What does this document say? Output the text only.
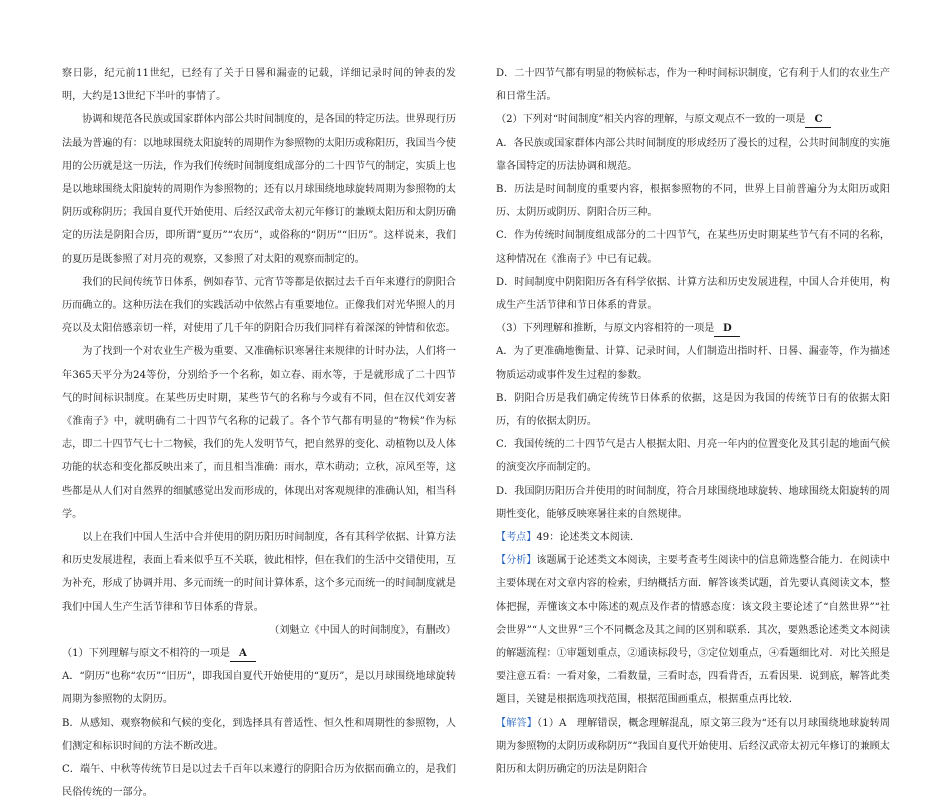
察日影，纪元前11世纪，已经有了关于日晷和漏壶的记载，详细记录时间的钟表的发明，大约是13世纪下半叶的事情了。

协调和规范各民族或国家群体内部公共时间制度的，是各国的特定历法。世界现行历法最为普遍的有：以地球围绕太阳旋转的周期作为参照物的太阳历或称阳历，我国当今使用的公历就是这一历法，作为我们传统时间制度组成部分的二十四节气的制定，实质上也是以地球围绕太阳旋转的周期作为参照物的；还有以月球围绕地球旋转周期为参照物的太阴历或称阴历；我国自夏代开始使用、后经汉武帝太初元年修订的兼顾太阳历和太阴历确定的历法是阴阳合历，即所谓“夏历”“农历”，或俗称的“阴历”“旧历”。这样说来，我们的夏历是既参照了对月亮的观察，又参照了对太阳的观察而制定的。

我们的民间传统节日体系，例如春节、元宵节等都是依据过去千百年来遵行的阴阳合历而确立的。这种历法在我们的实践活动中依然占有重要地位。正像我们对光华照人的月亮以及太阳倍感亲切一样，对使用了几千年的阴阳合历我们同样有着深深的钟情和依恋。

为了找到一个对农业生产极为重要、又准确标识寒暑往来规律的计时办法，人们将一年365天平分为24等份，分别给予一个名称，如立春、雨水等，于是就形成了二十四节气的时间标识制度。在某些历史时期，某些节气的名称与今或有不同，但在汉代刘安著《淮南子》中，就明确有二十四节气名称的记载了。各个节气都有明显的“物候”作为标志，即二十四节气七十二物候，我们的先人发明节气，把自然界的变化、动植物以及人体功能的状态和变化都反映出来了，而且相当准确：雨水，草木萌动；立秋，凉风至等，这些都是从人们对自然界的细腻感觉出发而形成的，体现出对客观规律的准确认知，相当科学。

以上在我们中国人生活中合并使用的阴历阳历时间制度，各有其科学依据、计算方法和历史发展进程，表面上看来似乎互不关联，彼此相悖，但在我们的生活中交错使用，互为补充，形成了协调并用、多元而统一的时间计算体系，这个多元而统一的时间制度就是我们中国人生产生活节律和节日体系的背景。

（刘魁立《中国人的时间制度》，有删改）

（1）下列理解与原文不相符的一项是 A

A．“阴历”也称“农历”“旧历”，即我国自夏代开始使用的“夏历”，是以月球围绕地球旋转周期为参照物的太阴历。

B．从感知、观察物候和气候的变化，到选择具有普适性、恒久性和周期性的参照物，人们测定和标识时间的方法不断改进。

C．端午、中秋等传统节日是以过去千百年以来遵行的阴阳合历为依据而确立的，是我们民俗传统的一部分。

D．二十四节气都有明显的物候标志，作为一种时间标识制度，它有利于人们的农业生产和日常生活。

（2）下列对“时间制度”相关内容的理解，与原文观点不一致的一项是 C

A．各民族或国家群体内部公共时间制度的形成经历了漫长的过程，公共时间制度的实施靠各国特定的历法协调和规范。

B．历法是时间制度的重要内容，根据参照物的不同，世界上目前普遍分为太阳历或阳历、太阴历或阴历、阴阳合历三种。

C．作为传统时间制度组成部分的二十四节气，在某些历史时期某些节气有不同的名称，这种情况在《淮南子》中已有记载。

D．时间制度中阴阳阳历各有科学依据、计算方法和历史发展进程，中国人合并使用，构成生产生活节律和节日体系的背景。

（3）下列理解和推断，与原文内容相符的一项是 D

A．为了更准确地衡量、计算、记录时间，人们制造出指时杆、日晷、漏壶等，作为描述物质运动或事件发生过程的参数。

B．阴阳合历是我们确定传统节日体系的依据，这是因为我国的传统节日有的依据太阳历，有的依据太阴历。

C．我国传统的二十四节气是古人根据太阳、月亮一年内的位置变化及其引起的地面气候的演变次序而制定的。

D．我国阴历阳历合并使用的时间制度，符合月球围绕地球旋转、地球围绕太阳旋转的周期性变化，能够反映寒暑往来的自然规律。

【考点】49：论述类文本阅读．

【分析】该题属于论述类文本阅读，主要考查考生阅读中的信息筛选整合能力．在阅读中主要体现在对文章内容的检索，归纳概括方面．解答该类试题，首先要认真阅读文本，整体把握，弄懂该文本中陈述的观点及作者的情感态度：该文段主要论述了“自然世界”“社会世界”“人文世界”三个不同概念及其之间的区别和联系．其次，要熟悉论述类文本阅读的解题流程：①审题划重点，②通读标段号，③定位划重点，④看题细比对．对比关照是要注意五看：一看对象，二看数量，三看时态，四看背否，五看因果．说到底，解答此类题目，关键是根据选项找范围，根据范围画重点，根据重点再比较．

【解答】（1）A　理解错误，概念理解混乱，原文第三段为“还有以月球围绕地球旋转周期为参照物的太阴历或称阴历”“我国自夏代开始使用、后经汉武帝太初元年修订的兼顾太阳历和太阴历确定的历法是阴阳合
